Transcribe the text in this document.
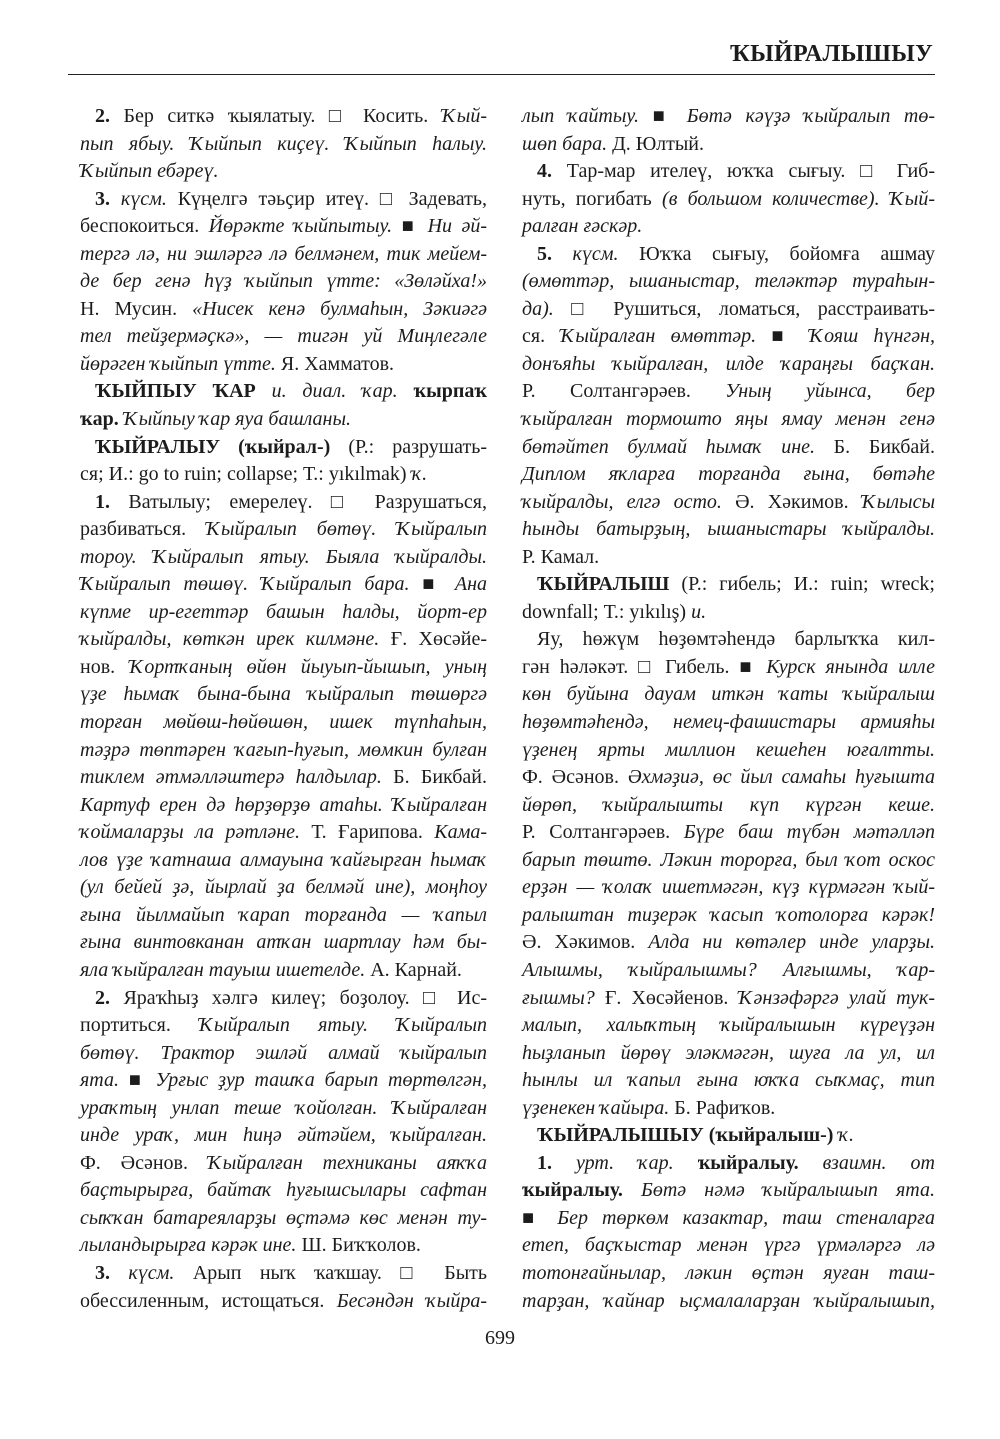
ҠЫЙРАЛЫШЫУ
2. Бер ситкә ҡыялатыу. □ Косить. Ҡый-
пып ябыу. Ҡыйпып киҫеү. Ҡыйпып һалыу.
Ҡыйпып ебәреү.
3. күсм. Күңелгә тәьҫир итеү. □ Задевать,
беспокоиться. Йөрәкте ҡыйпытыу. ■ Ни әй-
тергә лә, ни эшләргә лә белмәнем, тик мейем-
де бер генә һүҙ ҡыйпып үтте: «Зөләйха!»
Н. Мусин. «Нисек кенә булмаһын, Зәкиәгә
тел тейҙермәҫкә», — тигән уй Миңлегәле
йөрәген ҡыйпып үтте. Я. Хамматов.
ҠЫЙПЫУ ҠАР и. диал. ҡар. ҡырпаҡ
ҡар. Ҡыйпыу ҡар яуа башланы.
ҠЫЙРАЛЫУ (ҡыйрал-) (Р.: разрушать-
ся; И.: go to ruin; collapse; Т.: yıkılmak) ҡ.
1. Ватылыу; емерелеү. □ Разрушаться,
разбиваться. Ҡыйралып бөтөү. Ҡыйралып
тороу. Ҡыйралып ятыу. Быяла ҡыйралды.
Ҡыйралып төшөү. Ҡыйралып бара. ■ Ана
күпме ир-егеттәр башын һалды, йорт-ер
ҡыйралды, көткән ирек килмәне. Ғ. Хөсәйе-
нов. Ҡортҡаның өйөн йыуып-йышып, уның
үҙе һымаҡ бына-бына ҡыйралып төшөргә
торған мөйөш-һөйөшөн, ишек түпһаһын,
тәҙрә төптәрен ҡағып-һуғып, мөмкин булған
тиклем әтмәлләштерә һалдылар. Б. Бикбай.
Картуф ерен дә һөрҙөрҙө атаһы. Ҡыйралған
ҡоймаларҙы ла рәтләне. Т. Ғарипова. Кама-
лов үҙе ҡатнаша алмауына ҡайғырған һымаҡ
(ул бейей ҙә, йырлай ҙа белмәй ине), моңһоу
ғына йылмайып ҡарап торғанда — ҡапыл
ғына винтовканан атҡан шартлау һәм бы-
яла ҡыйралған тауыш ишетелде. А. Карнай.
2. Яраҡһыҙ хәлгә килеү; боҙолоу. □ Ис-
портиться. Ҡыйралып ятыу. Ҡыйралып
бөтөү. Трактор эшләй алмай ҡыйралып
ята. ■ Урғыс ҙур ташҡа барып төртөлгән,
ураҡтың унлап теше ҡойолған. Ҡыйралған
инде ураҡ, мин һиңә әйтәйем, ҡыйралған.
Ф. Әсәнов. Ҡыйралған техниканы аяҡҡа
баҫтырырға, байтаҡ һуғышсылары сафтан
сыҡҡан батареяларҙы өҫтәмә көс менән ту-
лыландырырға кәрәк ине. Ш. Биҡҡолов.
3. күсм. Арып ныҡ ҡаҡшау. □ Быть
обессиленным, истощаться. Бесәндән ҡыйра-
лып ҡайтыу. ■ Бөтә кәүҙә ҡыйралып тө-
шөп бара. Д. Юлтый.
4. Тар-мар ителеү, юҡҡа сығыу. □ Гиб-
нуть, погибать (в большом количестве). Ҡый-
ралған ғәскәр.
5. күсм. Юҡҡа сығыу, бойомға ашмау
(өмөттәр, ышаныстар, теләктәр тураһын-
да). □ Рушиться, ломаться, расстраивать-
ся. Ҡыйралған өмөттәр. ■ Ҡояш һүнгән,
донъяһы ҡыйралған, илде ҡараңғы баҫҡан.
Р. Солтангәрәев. Уның уйынса, бер
ҡыйралған тормошто яңы ямау менән генә
бөтәйтеп булмай һымаҡ ине. Б. Бикбай.
Диплом яҡларға торғанда ғына, бөтәһе
ҡыйралды, елгә осто. Ә. Хәкимов. Ҡылысы
һынды батырҙың, ышаныстары ҡыйралды.
Р. Камал.
ҠЫЙРАЛЫШ (Р.: гибель; И.: ruin; wreck;
downfall; Т.: yıkılış) и.
Яу, һөжүм һөҙөмтәһендә барлыҡҡа кил-
гән һәләкәт. □ Гибель. ■ Курск янында илле
көн буйына дауам иткән ҡаты ҡыйралыш
һөҙөмтәһендә, немец-фашистары армияһы
үҙенең ярты миллион кешеһен юғалтты.
Ф. Әсәнов. Әхмәҙиә, өс йыл самаһы һуғышта
йөрөп, ҡыйралышты күп күргән кеше.
Р. Солтангәрәев. Бүре баш түбән мәтәлләп
барып төштө. Ләкин торорға, был ҡот оскос
ерҙән — ҡолаҡ ишетмәгән, күҙ күрмәгән ҡый-
ралыштан тиҙерәк ҡасып ҡотолорға кәрәк!
Ә. Хәкимов. Алда ни көтәлер инде уларҙы.
Алышмы, ҡыйралышмы? Алғышмы, ҡар-
ғышмы? Ғ. Хөсәйенов. Ҡәнзәфәргә улай тук-
малып, халыҡтың ҡыйралышын күреүҙән
һыҙланып йөрөү эләкмәгән, шуға ла ул, ил
һынлы ил ҡапыл ғына юҡҡа сыҡмаҫ, тип
үҙенекен ҡайыра. Б. Рафиҡов.
ҠЫЙРАЛЫШЫУ (ҡыйралыш-) ҡ.
1. урт. ҡар. ҡыйралыу. взаимн. от
ҡыйралыу. Бөтә нәмә ҡыйралышып ята.
■ Бер төркөм казактар, таш стеналарға
етеп, баҫҡыстар менән үргә үрмәләргә лә
тотонғайнылар, ләкин өҫтән яуған таш-
тарҙан, ҡайнар ыҫмалаларҙан ҡыйралышып,
699
